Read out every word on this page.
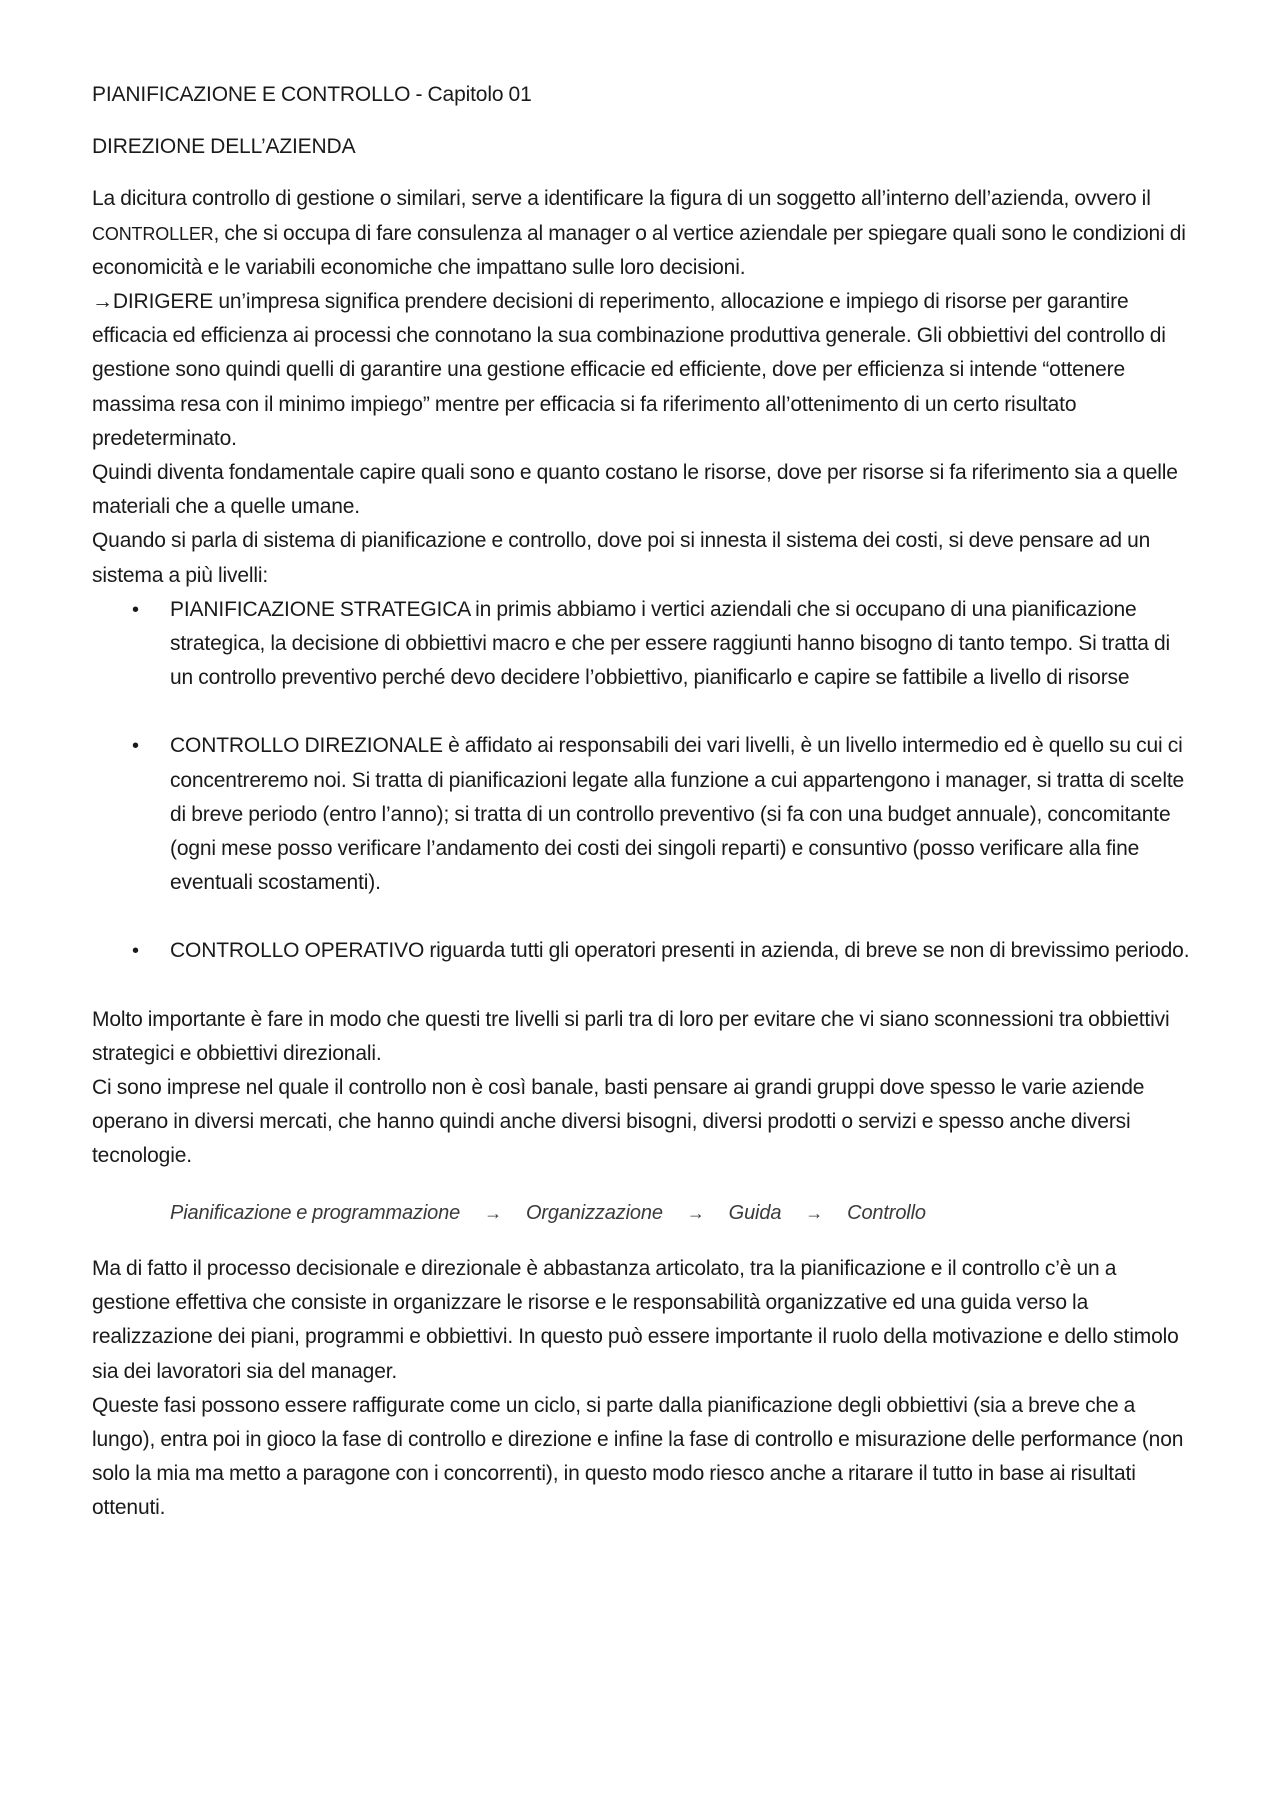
PIANIFICAZIONE E CONTROLLO - Capitolo 01

DIREZIONE DELL’AZIENDA

La dicitura controllo di gestione o similari, serve a identificare la figura di un soggetto all’interno dell’azienda, ovvero il CONTROLLER, che si occupa di fare consulenza al manager o al vertice aziendale per spiegare quali sono le condizioni di economicità e le variabili economiche che impattano sulle loro decisioni.

→DIRIGERE un’impresa significa prendere decisioni di reperimento, allocazione e impiego di risorse per garantire efficacia ed efficienza ai processi che connotano la sua combinazione produttiva generale. Gli obbiettivi del controllo di gestione sono quindi quelli di garantire una gestione efficacie ed efficiente, dove per efficienza si intende “ottenere massima resa con il minimo impiego” mentre per efficacia si fa riferimento all’ottenimento di un certo risultato predeterminato.

Quindi diventa fondamentale capire quali sono e quanto costano le risorse, dove per risorse si fa riferimento sia a quelle materiali che a quelle umane.

Quando si parla di sistema di pianificazione e controllo, dove poi si innesta il sistema dei costi, si deve pensare ad un sistema a più livelli:

• PIANIFICAZIONE STRATEGICA in primis abbiamo i vertici aziendali che si occupano di una pianificazione strategica, la decisione di obbiettivi macro e che per essere raggiunti hanno bisogno di tanto tempo. Si tratta di un controllo preventivo perché devo decidere l’obbiettivo, pianificarlo e capire se fattibile a livello di risorse
• CONTROLLO DIREZIONALE è affidato ai responsabili dei vari livelli, è un livello intermedio ed è quello su cui ci concentreremo noi. Si tratta di pianificazioni legate alla funzione a cui appartengono i manager, si tratta di scelte di breve periodo (entro l’anno); si tratta di un controllo preventivo (si fa con una budget annuale), concomitante (ogni mese posso verificare l’andamento dei costi dei singoli reparti) e consuntivo (posso verificare alla fine eventuali scostamenti).
• CONTROLLO OPERATIVO riguarda tutti gli operatori presenti in azienda, di breve se non di brevissimo periodo.

Molto importante è fare in modo che questi tre livelli si parli tra di loro per evitare che vi siano sconnessioni tra obbiettivi strategici e obbiettivi direzionali.

Ci sono imprese nel quale il controllo non è così banale, basti pensare ai grandi gruppi dove spesso le varie aziende operano in diversi mercati, che hanno quindi anche diversi bisogni, diversi prodotti o servizi e spesso anche diversi tecnologie.

Pianificazione e programmazione → Organizzazione → Guida → Controllo

Ma di fatto il processo decisionale e direzionale è abbastanza articolato, tra la pianificazione e il controllo c’è un a gestione effettiva che consiste in organizzare le risorse e le responsabilità organizzative ed una guida verso la realizzazione dei piani, programmi e obbiettivi. In questo può essere importante il ruolo della motivazione e dello stimolo sia dei lavoratori sia del manager.

Queste fasi possono essere raffigurate come un ciclo, si parte dalla pianificazione degli obbiettivi (sia a breve che a lungo), entra poi in gioco la fase di controllo e direzione e infine la fase di controllo e misurazione delle performance (non solo la mia ma metto a paragone con i concorrenti), in questo modo riesco anche a ritarare il tutto in base ai risultati ottenuti.
